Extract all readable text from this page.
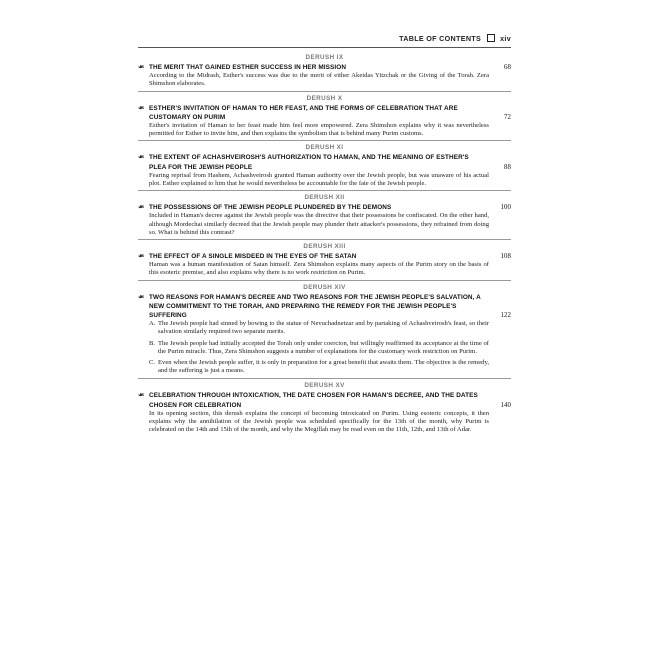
TABLE OF CONTENTS	xiv
DERUSH IX
☙ THE MERIT THAT GAINED ESTHER SUCCESS IN HER MISSION	68
According to the Midrash, Esther's success was due to the merit of either Akeidas Yitzchak or the Giving of the Torah. Zera Shimshon elaborates.
DERUSH X
☙ ESTHER'S INVITATION OF HAMAN TO HER FEAST, AND THE FORMS OF CELEBRATION THAT ARE CUSTOMARY ON PURIM	72
Esther's invitation of Haman to her feast made him feel more empowered. Zera Shimshon explains why it was nevertheless permitted for Esther to invite him, and then explains the symbolism that is behind many Purim customs.
DERUSH XI
☙ THE EXTENT OF ACHASHVEIROSH'S AUTHORIZATION TO HAMAN, AND THE MEANING OF ESTHER'S PLEA FOR THE JEWISH PEOPLE	88
Fearing reprisal from Hashem, Achashveirosh granted Haman authority over the Jewish people, but was unaware of his actual plot. Esther explained to him that he would nevertheless be accountable for the fate of the Jewish people.
DERUSH XII
☙ THE POSSESSIONS OF THE JEWISH PEOPLE PLUNDERED BY THE DEMONS	100
Included in Haman's decree against the Jewish people was the directive that their possessions be confiscated. On the other hand, although Mordechai similarly decreed that the Jewish people may plunder their attacker's possessions, they refrained from doing so. What is behind this contrast?
DERUSH XIII
☙ THE EFFECT OF A SINGLE MISDEED IN THE EYES OF THE SATAN	108
Haman was a human manifestation of Satan himself. Zera Shimshon explains many aspects of the Purim story on the basis of this esoteric premise, and also explains why there is no work restriction on Purim.
DERUSH XIV
☙ TWO REASONS FOR HAMAN'S DECREE AND TWO REASONS FOR THE JEWISH PEOPLE'S SALVATION, A NEW COMMITMENT TO THE TORAH, AND PREPARING THE REMEDY FOR THE JEWISH PEOPLE'S SUFFERING	122
A. The Jewish people had sinned by bowing to the statue of Nevuchadnetzar and by partaking of Achashveirosh's feast, so their salvation similarly required two separate merits.
B. The Jewish people had initially accepted the Torah only under coercion, but willingly reaffirmed its acceptance at the time of the Purim miracle. Thus, Zera Shimshon suggests a number of explanations for the customary work restriction on Purim.
C. Even when the Jewish people suffer, it is only in preparation for a great benefit that awaits them. The objective is the remedy, and the suffering is just a means.
DERUSH XV
☙ CELEBRATION THROUGH INTOXICATION, THE DATE CHOSEN FOR HAMAN'S DECREE, AND THE DATES CHOSEN FOR CELEBRATION	140
In its opening section, this derush explains the concept of becoming intoxicated on Purim. Using esoteric concepts, it then explains why the annihilation of the Jewish people was scheduled specifically for the 13th of the month, why Purim is celebrated on the 14th and 15th of the month, and why the Megillah may be read even on the 11th, 12th, and 13th of Adar.
